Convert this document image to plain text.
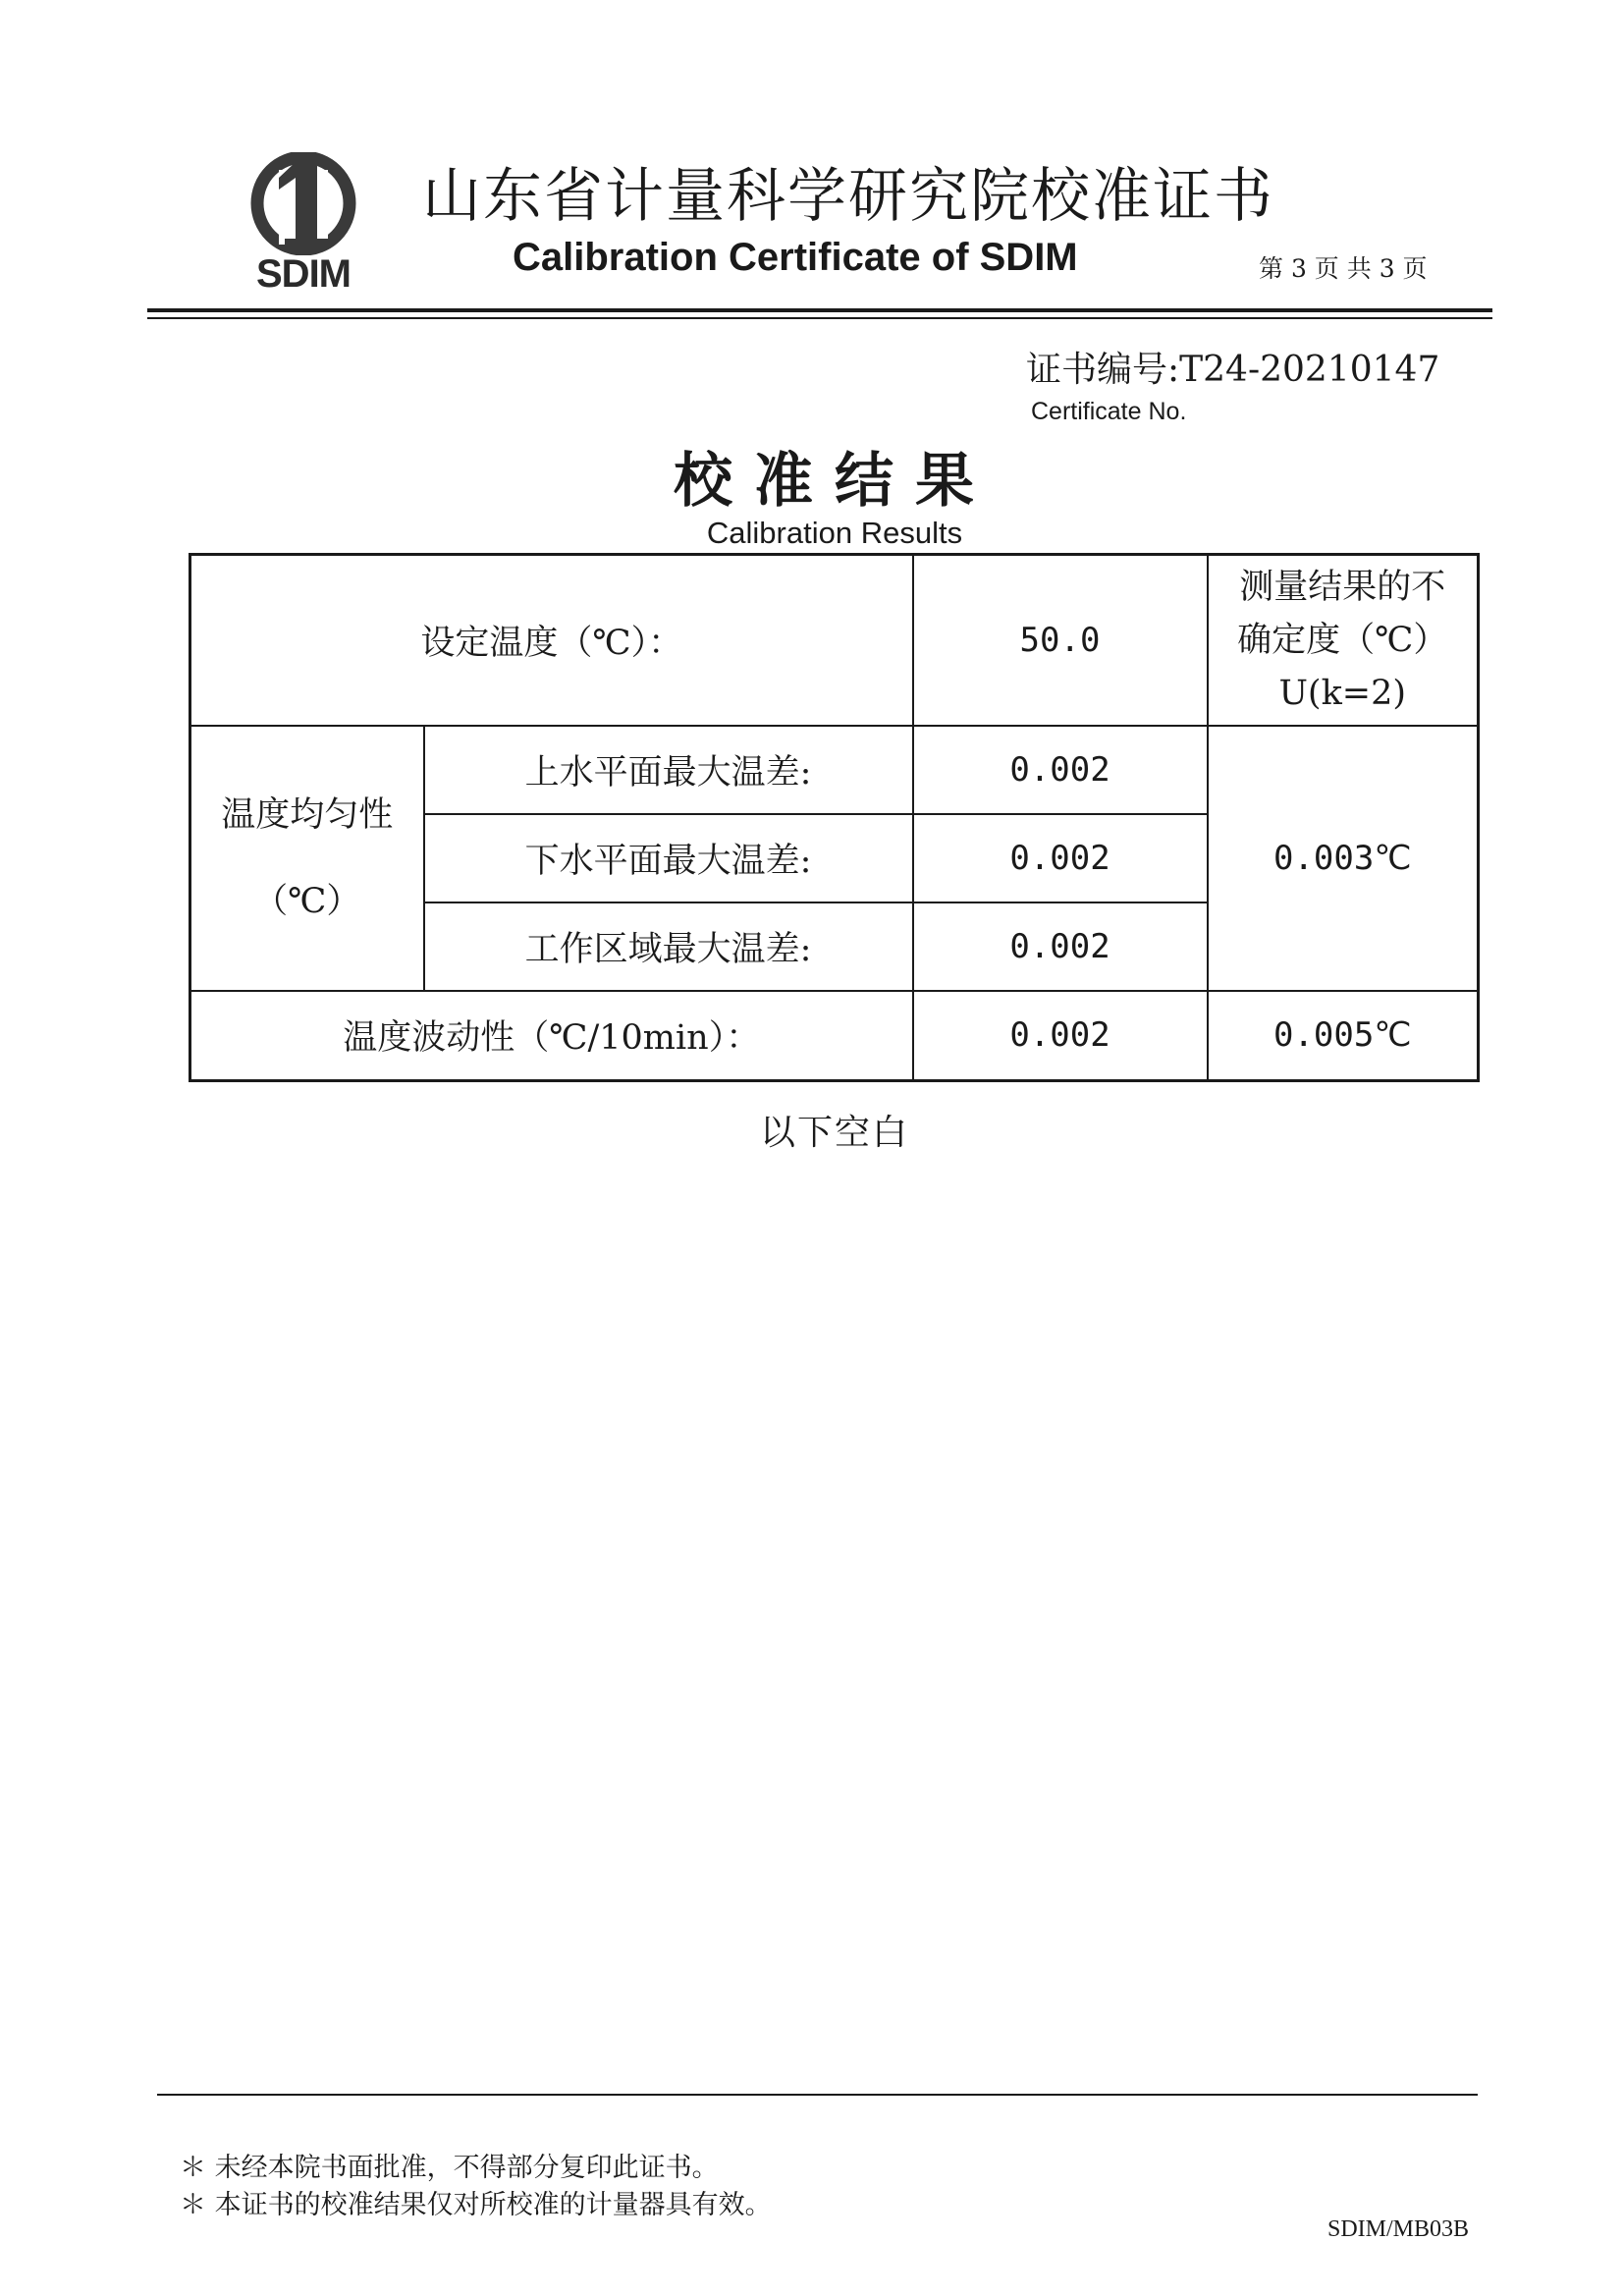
SDIM
山东省计量科学研究院校准证书
Calibration Certificate of SDIM	第 3 页 共 3 页
证书编号:T24-20210147
Certificate No.
校准结果
Calibration Results
设定温度（℃）：		50.0	测量结果的不
确定度（℃）
U(k=2)

温度均匀性
（℃）	上水平面最大温差:	0.002	0.003℃
	下水平面最大温差:	0.002	
	工作区域最大温差:	0.002	
温度波动性（℃/10min）：		0.002	0.005℃
以下空白
＊ 未经本院书面批准，不得部分复印此证书。
＊ 本证书的校准结果仅对所校准的计量器具有效。
SDIM/MB03B
